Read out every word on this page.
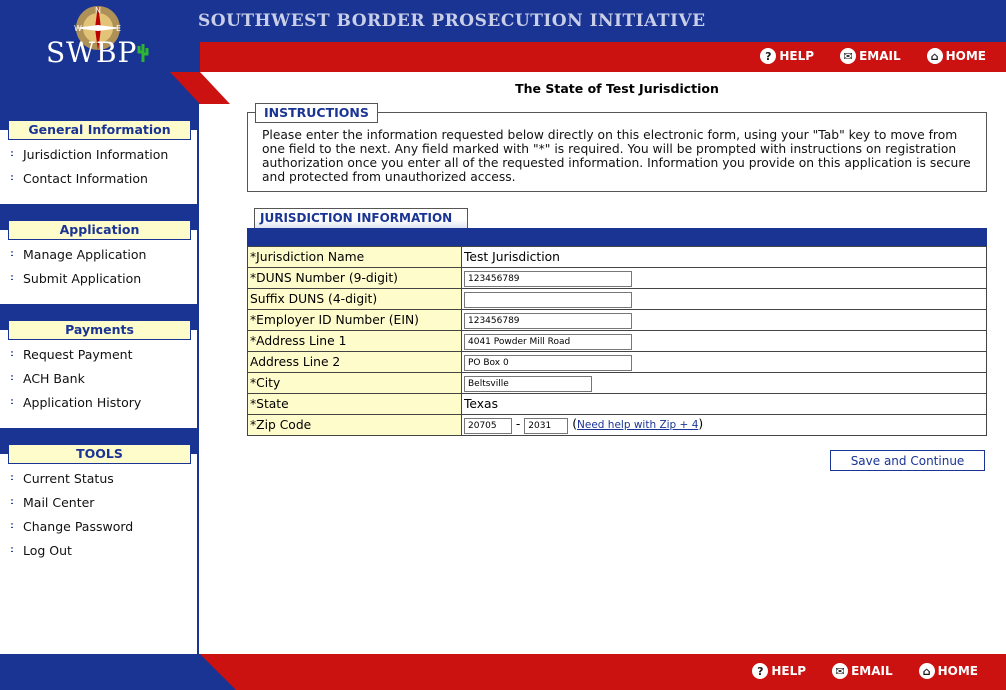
N
W	E
SWBP
SOUTHWEST BORDER PROSECUTION INITIATIVE
? HELP	✉ EMAIL	⌂ HOME
General Information
:: Jurisdiction Information
:: Contact Information
Application
:: Manage Application
:: Submit Application
Payments
:: Request Payment
:: ACH Bank
:: Application History
TOOLS
:: Current Status
:: Mail Center
:: Change Password
:: Log Out
The State of Test Jurisdiction
INSTRUCTIONS
Please enter the information requested below directly on this electronic form, using your "Tab" key to move from one field to the next. Any field marked with "*" is required. You will be prompted with instructions on registration authorization once you enter all of the requested information. Information you provide on this application is secure and protected from unauthorized access.
JURISDICTION INFORMATION
*Jurisdiction Name	Test Jurisdiction
*DUNS Number (9-digit)	123456789
Suffix DUNS (4-digit)	
*Employer ID Number (EIN)	123456789
*Address Line 1	4041 Powder Mill Road
Address Line 2	PO Box 0
*City	Beltsville
*State	Texas
*Zip Code	20705- 2031 (Need help with Zip + 4)
Save and Continue
? HELP	✉ EMAIL	⌂ HOME
